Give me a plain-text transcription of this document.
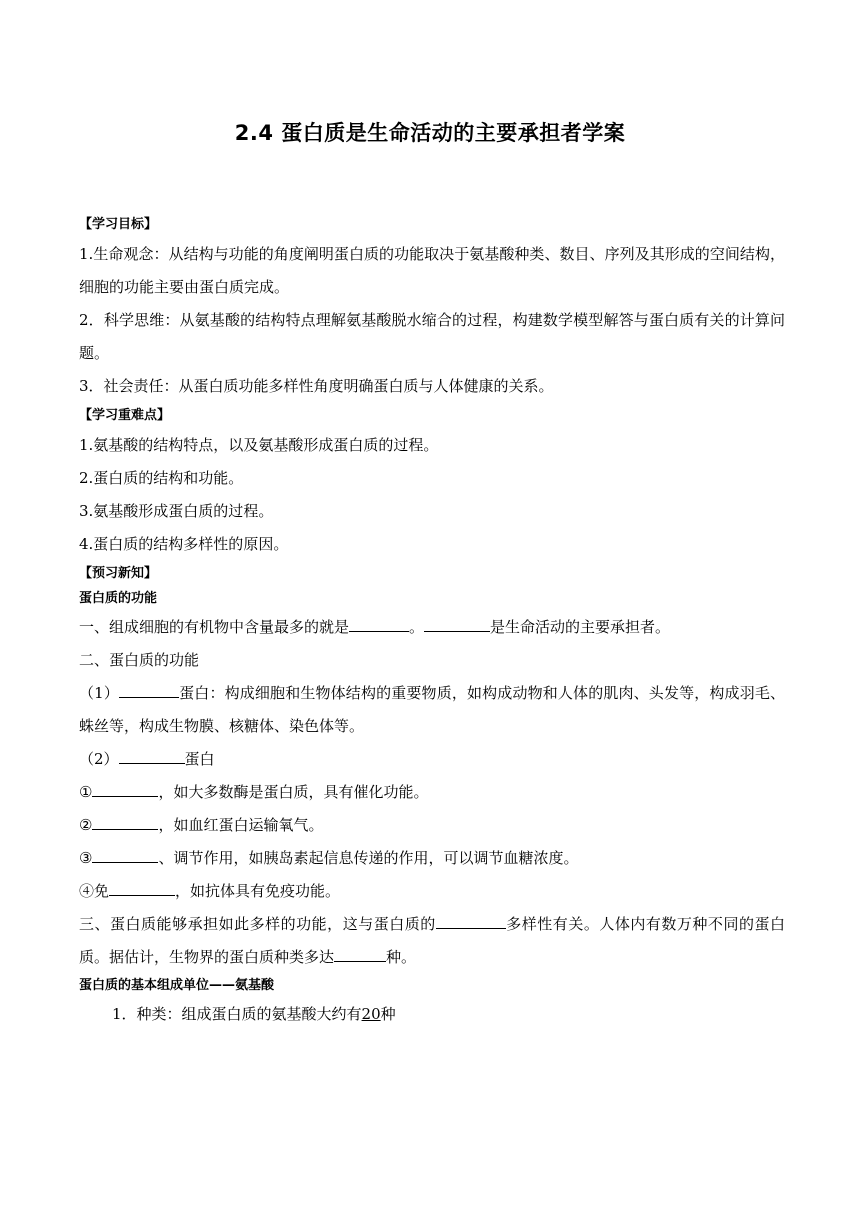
2.4 蛋白质是生命活动的主要承担者学案
【学习目标】
1.生命观念：从结构与功能的角度阐明蛋白质的功能取决于氨基酸种类、数目、序列及其形成的空间结构，细胞的功能主要由蛋白质完成。
2．科学思维：从氨基酸的结构特点理解氨基酸脱水缩合的过程，构建数学模型解答与蛋白质有关的计算问题。
3．社会责任：从蛋白质功能多样性角度明确蛋白质与人体健康的关系。
【学习重难点】
1.氨基酸的结构特点，以及氨基酸形成蛋白质的过程。
2.蛋白质的结构和功能。
3.氨基酸形成蛋白质的过程。
4.蛋白质的结构多样性的原因。
【预习新知】
蛋白质的功能
一、组成细胞的有机物中含量最多的就是	。	是生命活动的主要承担者。
二、蛋白质的功能
（1）	蛋白：构成细胞和生物体结构的重要物质，如构成动物和人体的肌肉、头发等，构成羽毛、蛛丝等，构成生物膜、核糖体、染色体等。
（2）	蛋白
①	，如大多数酶是蛋白质，具有催化功能。
②	，如血红蛋白运输氧气。
③	、调节作用，如胰岛素起信息传递的作用，可以调节血糖浓度。
④免	，如抗体具有免疫功能。
三、蛋白质能够承担如此多样的功能，这与蛋白质的	多样性有关。人体内有数万种不同的蛋白质。据估计，生物界的蛋白质种类多达	种。
蛋白质的基本组成单位——氨基酸
1．种类：组成蛋白质的氨基酸大约有20种
